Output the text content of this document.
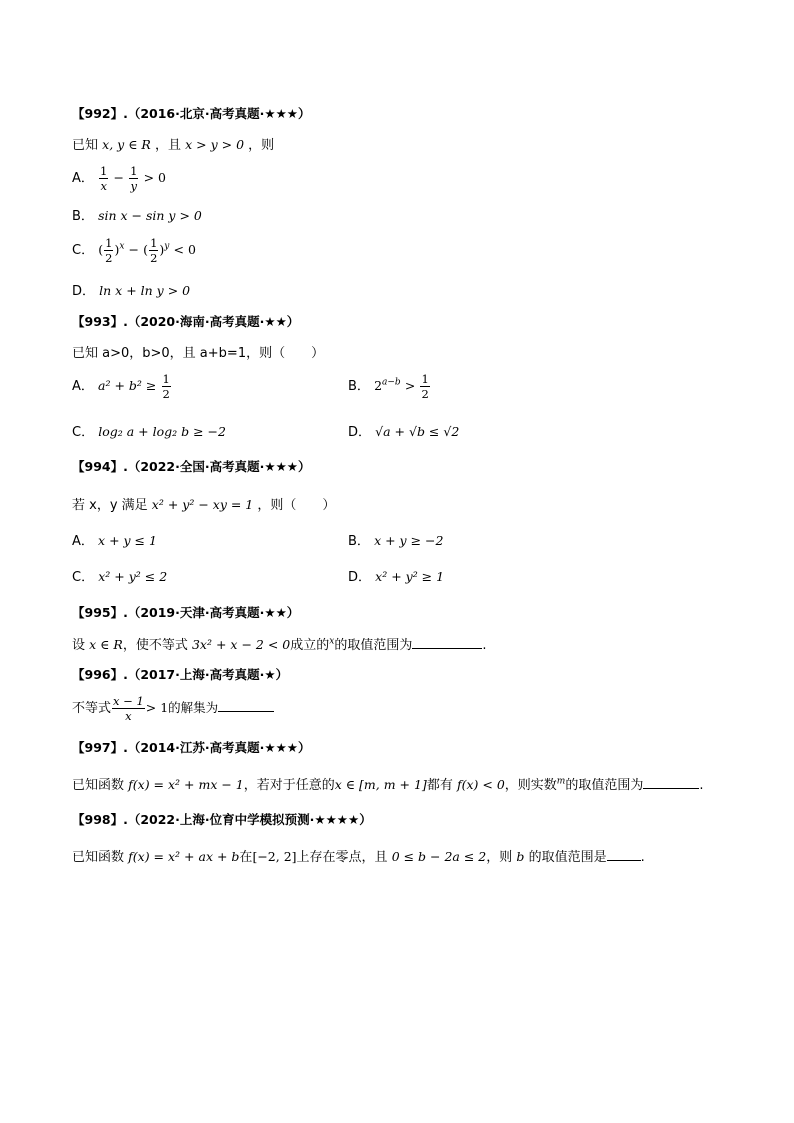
【992】.（2016·北京·高考真题·★★★）
已知 x, y ∈ R ，且 x > y > 0 ，则
A． $\frac{1}{x} - \frac{1}{y} > 0$
B． sin x − sin y > 0
C． ( $\frac{1}{2} )^x$ − ( $\frac{1}{2} )^y < 0$
D． ln x + ln y > 0
【993】.（2020·海南·高考真题·★★）
已知 a>0，b>0，且 a+b=1，则（　　）
A． $a^2 + b^2 \ge \frac{1}{2}$	B． $2^{a-b} > \frac{1}{2}$
C． log₂ a + log₂ b ≥ −2	D． √a + √b ≤ √2
【994】.（2022·全国·高考真题·★★★）
若 x，y 满足 x² + y² − xy = 1 ，则（　　）
A． x + y ≤ 1	B． x + y ≥ −2
C． x² + y² ≤ 2	D． x² + y² ≥ 1
【995】.（2019·天津·高考真题·★★）
设 x ∈ R，使不等式 3x² + x − 2 < 0成立的$^x$的取值范围为	.
【996】.（2017·上海·高考真题·★）
不等式 $\frac{x - 1}{x} > 1$的解集为
【997】.（2014·江苏·高考真题·★★★）
已知函数 f(x) = x² + mx − 1，若对于任意的x ∈ [m, m + 1]都有 f(x) < 0，则实数$^m$的取值范围为	.
【998】.（2022·上海·位育中学模拟预测·★★★★）
已知函数 f(x) = x² + ax + b在[−2, 2]上存在零点，且 0 ≤ b − 2a ≤ 2，则 b 的取值范围是	.
